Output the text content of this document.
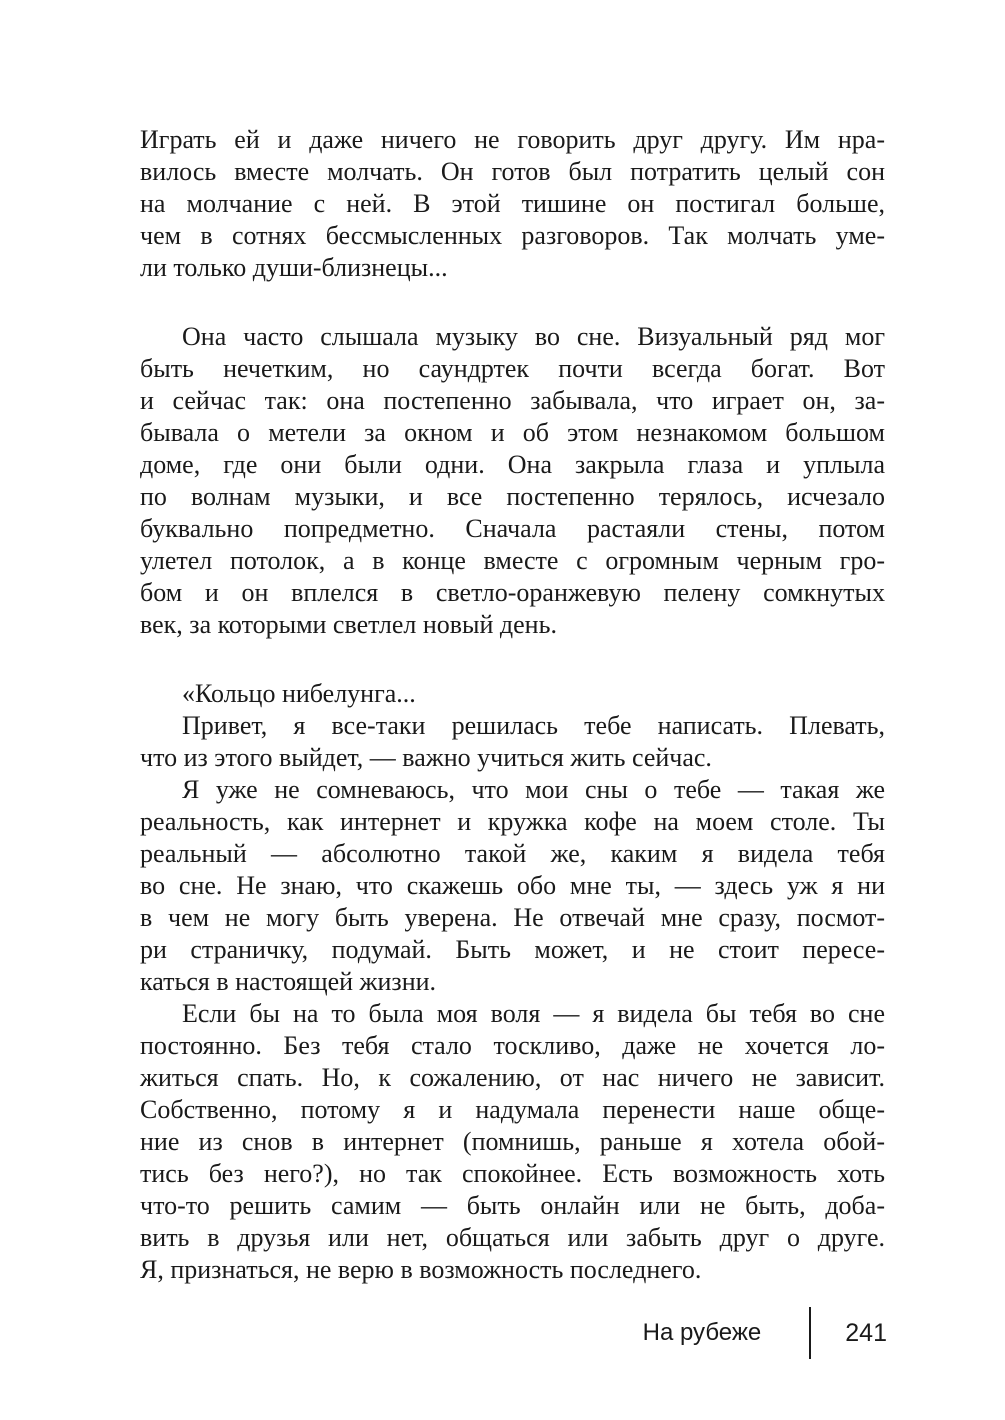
Играть ей и даже ничего не говорить друг другу. Им нра-
вилось вместе молчать. Он готов был потратить целый сон
на молчание с ней. В этой тишине он постигал больше,
чем в сотнях бессмысленных разговоров. Так молчать уме-
ли только души-близнецы...
Она часто слышала музыку во сне. Визуальный ряд мог
быть нечетким, но саундртек почти всегда богат. Вот
и сейчас так: она постепенно забывала, что играет он, за-
бывала о метели за окном и об этом незнакомом большом
доме, где они были одни. Она закрыла глаза и уплыла
по волнам музыки, и все постепенно терялось, исчезало
буквально попредметно. Сначала растаяли стены, потом
улетел потолок, а в конце вместе с огромным черным гро-
бом и он вплелся в светло-оранжевую пелену сомкнутых
век, за которыми светлел новый день.
«Кольцо нибелунга...
Привет, я все-таки решилась тебе написать. Плевать,
что из этого выйдет, — важно учиться жить сейчас.
Я уже не сомневаюсь, что мои сны о тебе — такая же
реальность, как интернет и кружка кофе на моем столе. Ты
реальный — абсолютно такой же, каким я видела тебя
во сне. Не знаю, что скажешь обо мне ты, — здесь уж я ни
в чем не могу быть уверена. Не отвечай мне сразу, посмот-
ри страничку, подумай. Быть может, и не стоит пересе-
каться в настоящей жизни.
Если бы на то была моя воля — я видела бы тебя во сне
постоянно. Без тебя стало тоскливо, даже не хочется ло-
житься спать. Но, к сожалению, от нас ничего не зависит.
Собственно, потому я и надумала перенести наше обще-
ние из снов в интернет (помнишь, раньше я хотела обой-
тись без него?), но так спокойнее. Есть возможность хоть
что-то решить самим — быть онлайн или не быть, доба-
вить в друзья или нет, общаться или забыть друг о друге.
Я, признаться, не верю в возможность последнего.
На рубеже	241
